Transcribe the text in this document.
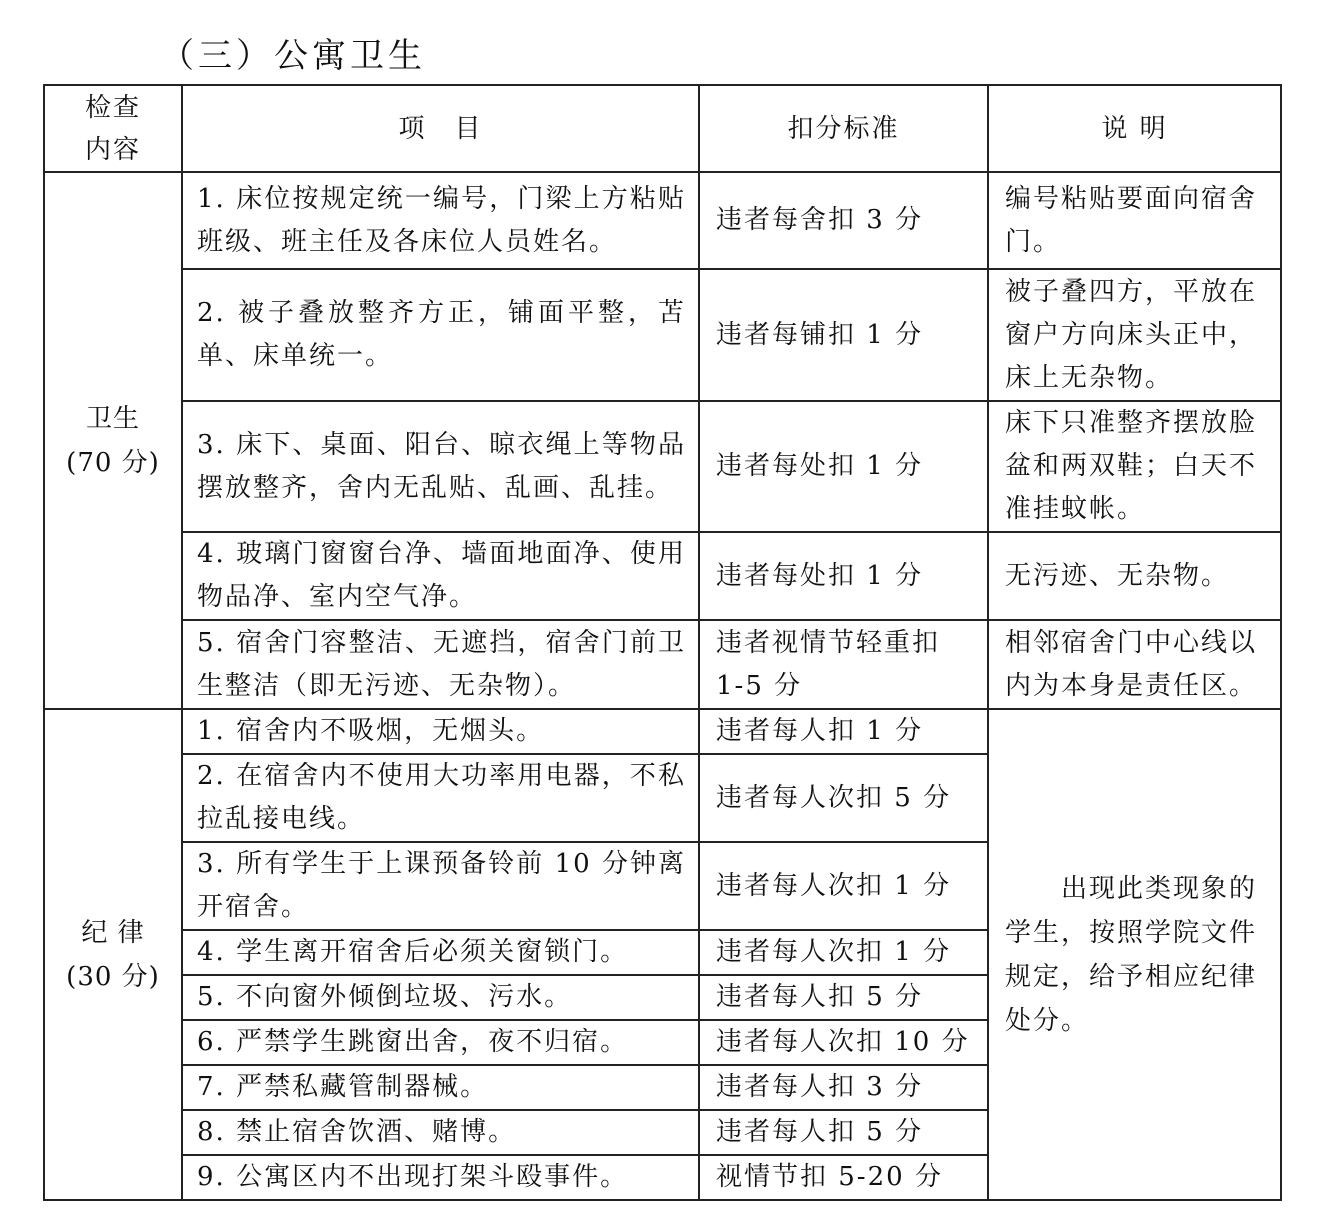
（三）公寓卫生
检查
内容	项　目	扣分标准	说 明

卫生
(70 分)	1. 床位按规定统一编号，门梁上方粘贴班级、班主任及各床位人员姓名。	违者每舍扣 3 分	编号粘贴要面向宿舍门。
	2. 被子叠放整齐方正，铺面平整，苫单、床单统一。	违者每铺扣 1 分	被子叠四方，平放在窗户方向床头正中，床上无杂物。
	3. 床下、桌面、阳台、晾衣绳上等物品摆放整齐，舍内无乱贴、乱画、乱挂。	违者每处扣 1 分	床下只准整齐摆放脸盆和两双鞋；白天不准挂蚊帐。
	4. 玻璃门窗窗台净、墙面地面净、使用物品净、室内空气净。	违者每处扣 1 分	无污迹、无杂物。
	5. 宿舍门容整洁、无遮挡，宿舍门前卫生整洁（即无污迹、无杂物）。	违者视情节轻重扣 1-5 分	相邻宿舍门中心线以内为本身是责任区。

纪 律
(30 分)	1. 宿舍内不吸烟，无烟头。	违者每人扣 1 分	出现此类现象的学生，按照学院文件规定，给予相应纪律处分。
	2. 在宿舍内不使用大功率用电器，不私拉乱接电线。	违者每人次扣 5 分	
	3. 所有学生于上课预备铃前 10 分钟离开宿舍。	违者每人次扣 1 分	
	4. 学生离开宿舍后必须关窗锁门。	违者每人次扣 1 分	
	5. 不向窗外倾倒垃圾、污水。	违者每人扣 5 分	
	6. 严禁学生跳窗出舍，夜不归宿。	违者每人次扣 10 分	
	7. 严禁私藏管制器械。	违者每人扣 3 分	
	8. 禁止宿舍饮酒、赌博。	违者每人扣 5 分	
	9. 公寓区内不出现打架斗殴事件。	视情节扣 5-20 分	
